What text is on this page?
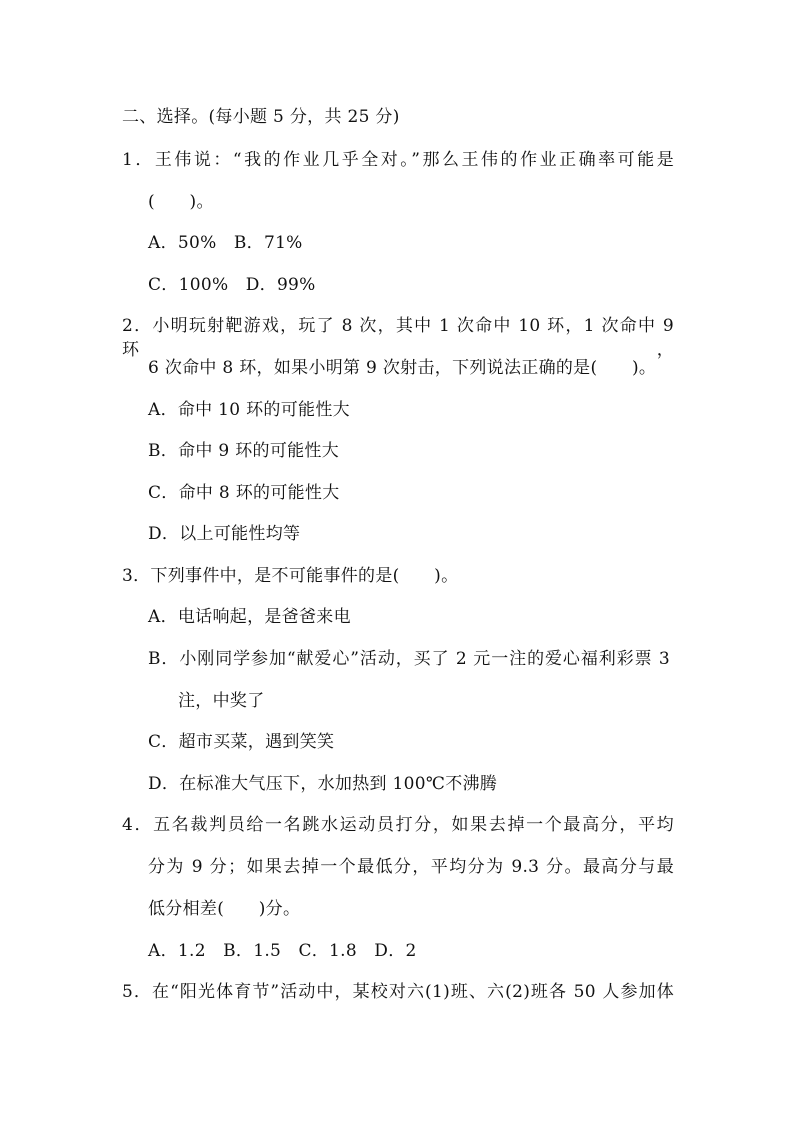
二、选择。(每小题 5 分，共 25 分)
1．王伟说：“我的作业几乎全对。”那么王伟的作业正确率可能是
(　　)。
A．50%　B．71%
C．100%　D．99%
2．小明玩射靶游戏，玩了 8 次，其中 1 次命中 10 环，1 次命中 9 环，
6 次命中 8 环，如果小明第 9 次射击，下列说法正确的是(　　)。
A．命中 10 环的可能性大
B．命中 9 环的可能性大
C．命中 8 环的可能性大
D．以上可能性均等
3．下列事件中，是不可能事件的是(　　)。
A．电话响起，是爸爸来电
B．小刚同学参加“献爱心”活动，买了 2 元一注的爱心福利彩票 3
注，中奖了
C．超市买菜，遇到笑笑
D．在标准大气压下，水加热到 100℃不沸腾
4．五名裁判员给一名跳水运动员打分，如果去掉一个最高分，平均
分为 9 分；如果去掉一个最低分，平均分为 9.3 分。最高分与最
低分相差(　　)分。
A．1.2　B．1.5　C．1.8　D．2
5．在“阳光体育节”活动中，某校对六(1)班、六(2)班各 50 人参加体
